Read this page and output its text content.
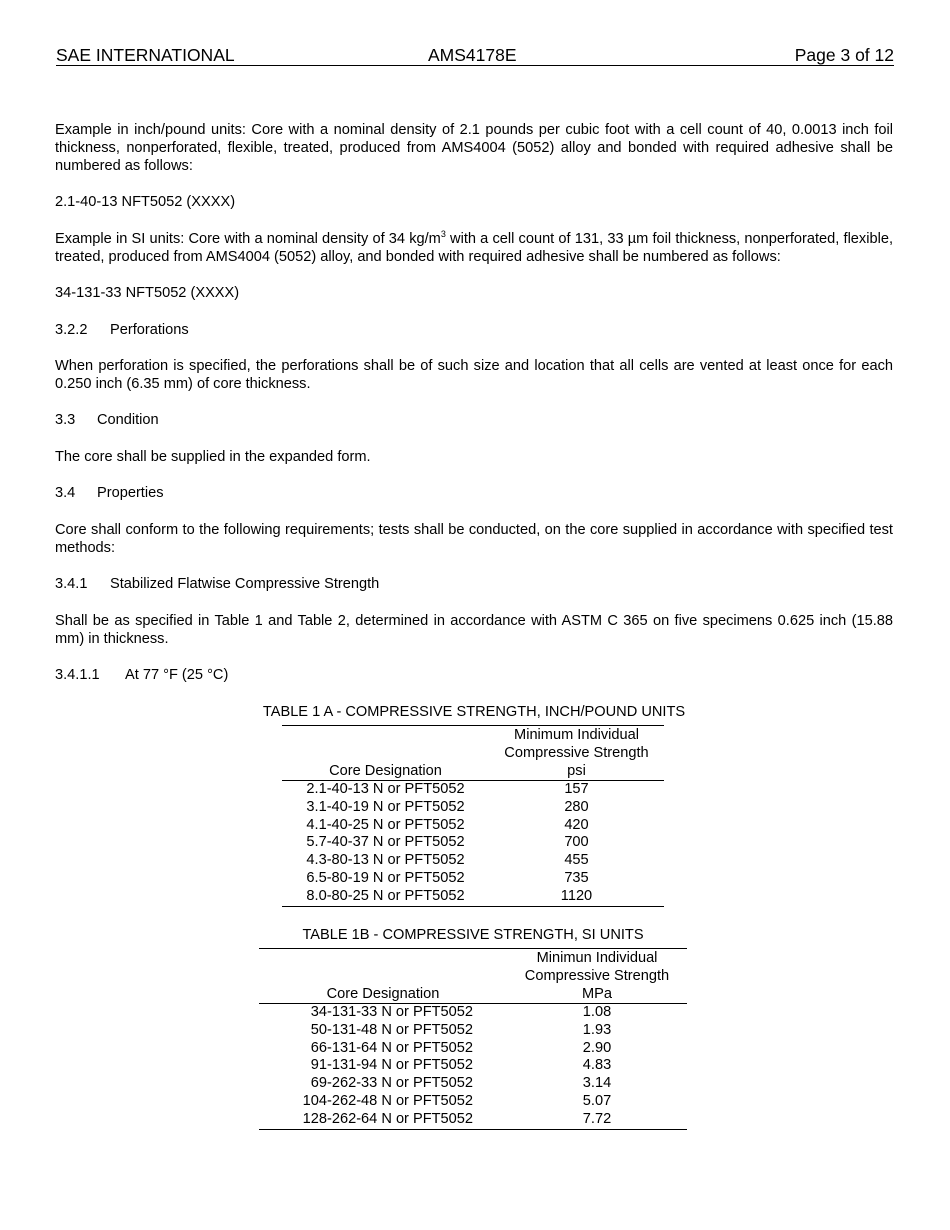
SAE INTERNATIONAL	AMS4178E	Page 3 of 12

Example in inch/pound units: Core with a nominal density of 2.1 pounds per cubic foot with a cell count of 40, 0.0013 inch foil thickness, nonperforated, flexible, treated, produced from AMS4004 (5052) alloy and bonded with required adhesive shall be numbered as follows:

2.1-40-13 NFT5052 (XXXX)

Example in SI units: Core with a nominal density of 34 $kg/m^3$ with a cell count of 131, 33 µm foil thickness, nonperforated, flexible, treated, produced from AMS4004 (5052) alloy, and bonded with required adhesive shall be numbered as follows:

34-131-33 NFT5052 (XXXX)

3.2.2 Perforations

When perforation is specified, the perforations shall be of such size and location that all cells are vented at least once for each 0.250 inch (6.35 mm) of core thickness.

3.3 Condition

The core shall be supplied in the expanded form.

3.4 Properties

Core shall conform to the following requirements; tests shall be conducted, on the core supplied in accordance with specified test methods:

3.4.1 Stabilized Flatwise Compressive Strength

Shall be as specified in Table 1 and Table 2, determined in accordance with ASTM C 365 on five specimens 0.625 inch (15.88 mm) in thickness.

3.4.1.1 At 77 °F (25 °C)

TABLE 1 A - COMPRESSIVE STRENGTH, INCH/POUND UNITS

	Minimum Individual
	Compressive Strength
Core Designation	psi
2.1-40-13 N or PFT5052	157
3.1-40-19 N or PFT5052	280
4.1-40-25 N or PFT5052	420
5.7-40-37 N or PFT5052	700
4.3-80-13 N or PFT5052	455
6.5-80-19 N or PFT5052	735
8.0-80-25 N or PFT5052	1120

TABLE 1B - COMPRESSIVE STRENGTH, SI UNITS

	Minimun Individual
	Compressive Strength
Core Designation	MPa
34-131-33 N or PFT5052	1.08
50-131-48 N or PFT5052	1.93
66-131-64 N or PFT5052	2.90
91-131-94 N or PFT5052	4.83
69-262-33 N or PFT5052	3.14
104-262-48 N or PFT5052	5.07
128-262-64 N or PFT5052	7.72
